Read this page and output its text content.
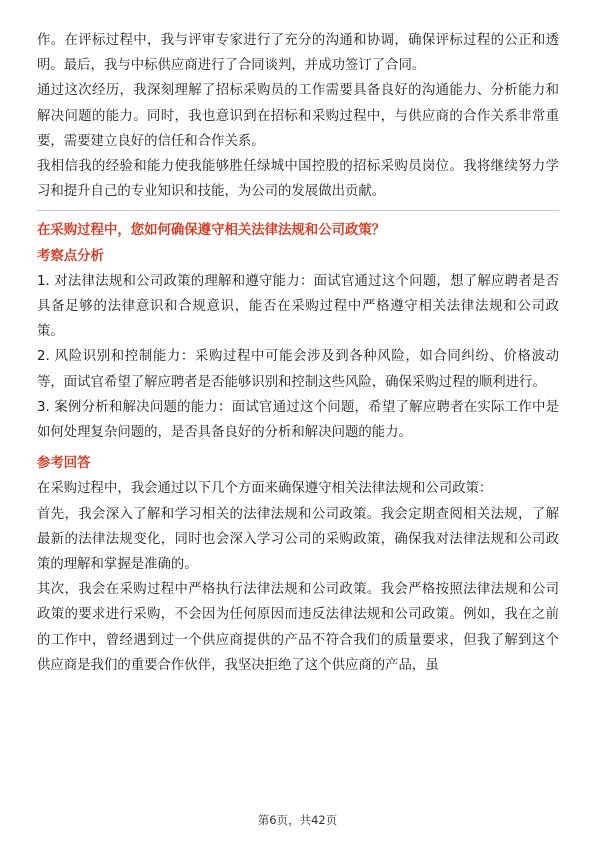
作。在评标过程中，我与评审专家进行了充分的沟通和协调，确保评标过程的公正和透明。最后，我与中标供应商进行了合同谈判，并成功签订了合同。

通过这次经历，我深刻理解了招标采购员的工作需要具备良好的沟通能力、分析能力和解决问题的能力。同时，我也意识到在招标和采购过程中，与供应商的合作关系非常重要，需要建立良好的信任和合作关系。

我相信我的经验和能力使我能够胜任绿城中国控股的招标采购员岗位。我将继续努力学习和提升自己的专业知识和技能，为公司的发展做出贡献。

在采购过程中，您如何确保遵守相关法律法规和公司政策？

考察点分析

1. 对法律法规和公司政策的理解和遵守能力：面试官通过这个问题，想了解应聘者是否具备足够的法律意识和合规意识，能否在采购过程中严格遵守相关法律法规和公司政策。

2. 风险识别和控制能力：采购过程中可能会涉及到各种风险，如合同纠纷、价格波动等，面试官希望了解应聘者是否能够识别和控制这些风险，确保采购过程的顺利进行。

3. 案例分析和解决问题的能力：面试官通过这个问题，希望了解应聘者在实际工作中是如何处理复杂问题的，是否具备良好的分析和解决问题的能力。

参考回答

在采购过程中，我会通过以下几个方面来确保遵守相关法律法规和公司政策：

首先，我会深入了解和学习相关的法律法规和公司政策。我会定期查阅相关法规，了解最新的法律法规变化，同时也会深入学习公司的采购政策，确保我对法律法规和公司政策的理解和掌握是准确的。

其次，我会在采购过程中严格执行法律法规和公司政策。我会严格按照法律法规和公司政策的要求进行采购，不会因为任何原因而违反法律法规和公司政策。例如，我在之前的工作中，曾经遇到过一个供应商提供的产品不符合我们的质量要求，但我了解到这个供应商是我们的重要合作伙伴，我坚决拒绝了这个供应商的产品，虽

第6页，共42页
